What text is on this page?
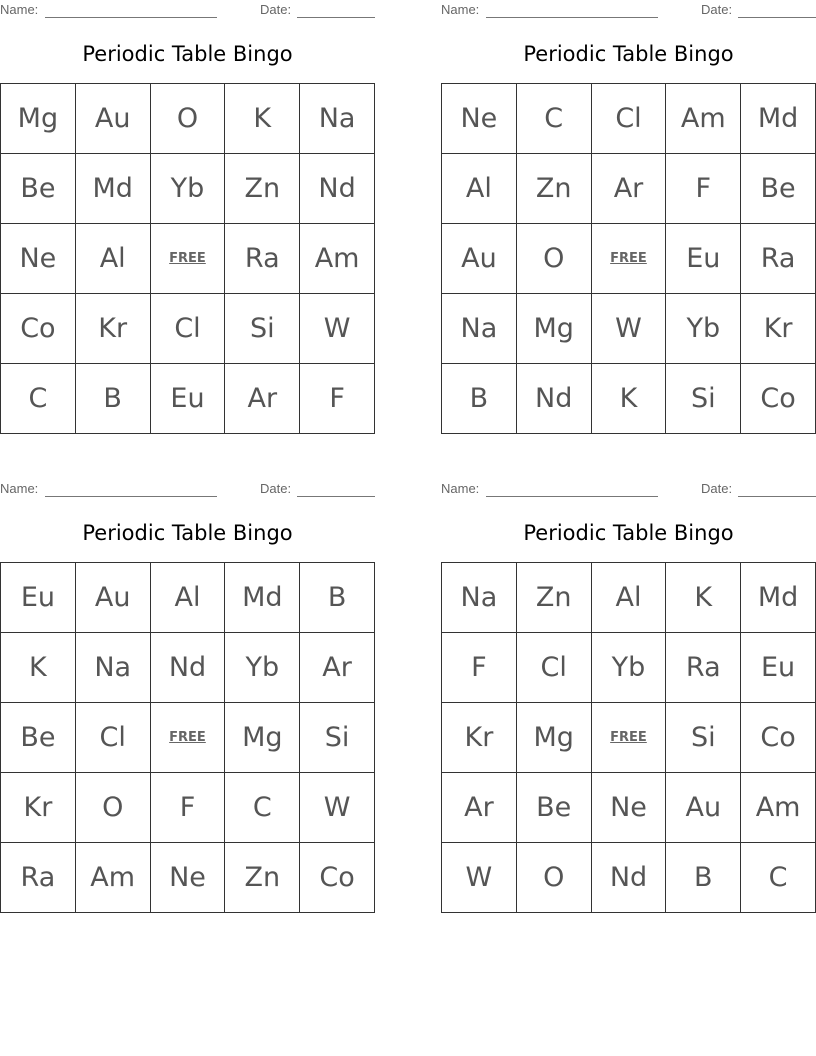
Name:	Date:
Periodic Table Bingo
Mg	Au	O	K	Na
Be	Md	Yb	Zn	Nd
Ne	Al	FREE	Ra	Am
Co	Kr	Cl	Si	W
C	B	Eu	Ar	F
Name:	Date:
Periodic Table Bingo
Ne	C	Cl	Am	Md
Al	Zn	Ar	F	Be
Au	O	FREE	Eu	Ra
Na	Mg	W	Yb	Kr
B	Nd	K	Si	Co
Name:	Date:
Periodic Table Bingo
Eu	Au	Al	Md	B
K	Na	Nd	Yb	Ar
Be	Cl	FREE	Mg	Si
Kr	O	F	C	W
Ra	Am	Ne	Zn	Co
Name:	Date:
Periodic Table Bingo
Na	Zn	Al	K	Md
F	Cl	Yb	Ra	Eu
Kr	Mg	FREE	Si	Co
Ar	Be	Ne	Au	Am
W	O	Nd	B	C
